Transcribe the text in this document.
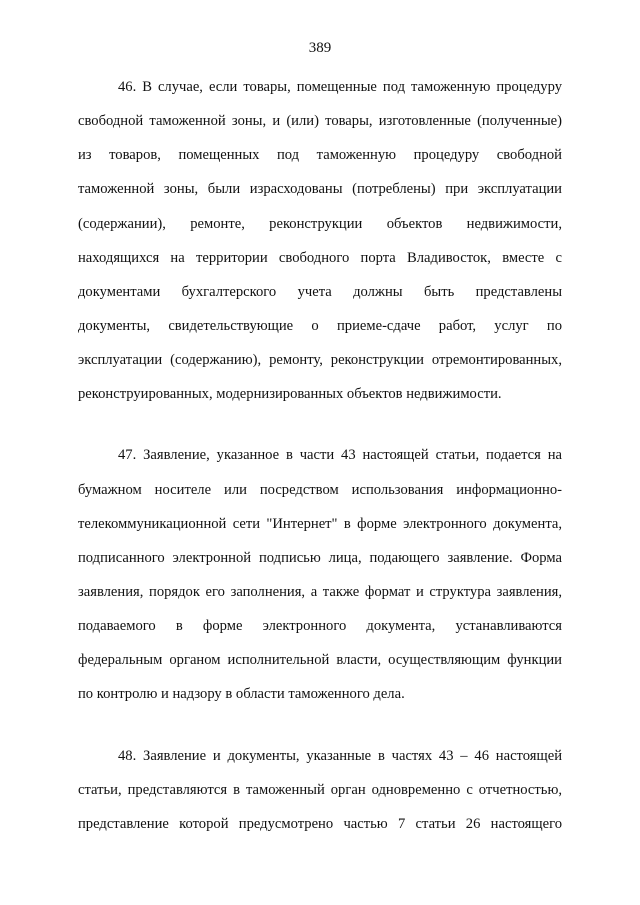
389
46. В случае, если товары, помещенные под таможенную процедуру
свободной таможенной зоны, и (или) товары, изготовленные (полученные)
из товаров, помещенных под таможенную процедуру свободной
таможенной зоны, были израсходованы (потреблены) при эксплуатации
(содержании), ремонте, реконструкции объектов недвижимости,
находящихся на территории свободного порта Владивосток, вместе с
документами бухгалтерского учета должны быть представлены
документы, свидетельствующие о приеме-сдаче работ, услуг по
эксплуатации (содержанию), ремонту, реконструкции отремонтированных,
реконструированных, модернизированных объектов недвижимости.
47. Заявление, указанное в части 43 настоящей статьи, подается на
бумажном носителе или посредством использования информационно-
телекоммуникационной сети "Интернет" в форме электронного документа,
подписанного электронной подписью лица, подающего заявление. Форма
заявления, порядок его заполнения, а также формат и структура заявления,
подаваемого в форме электронного документа, устанавливаются
федеральным органом исполнительной власти, осуществляющим функции
по контролю и надзору в области таможенного дела.
48. Заявление и документы, указанные в частях 43 – 46 настоящей
статьи, представляются в таможенный орган одновременно с отчетностью,
представление которой предусмотрено частью 7 статьи 26 настоящего
